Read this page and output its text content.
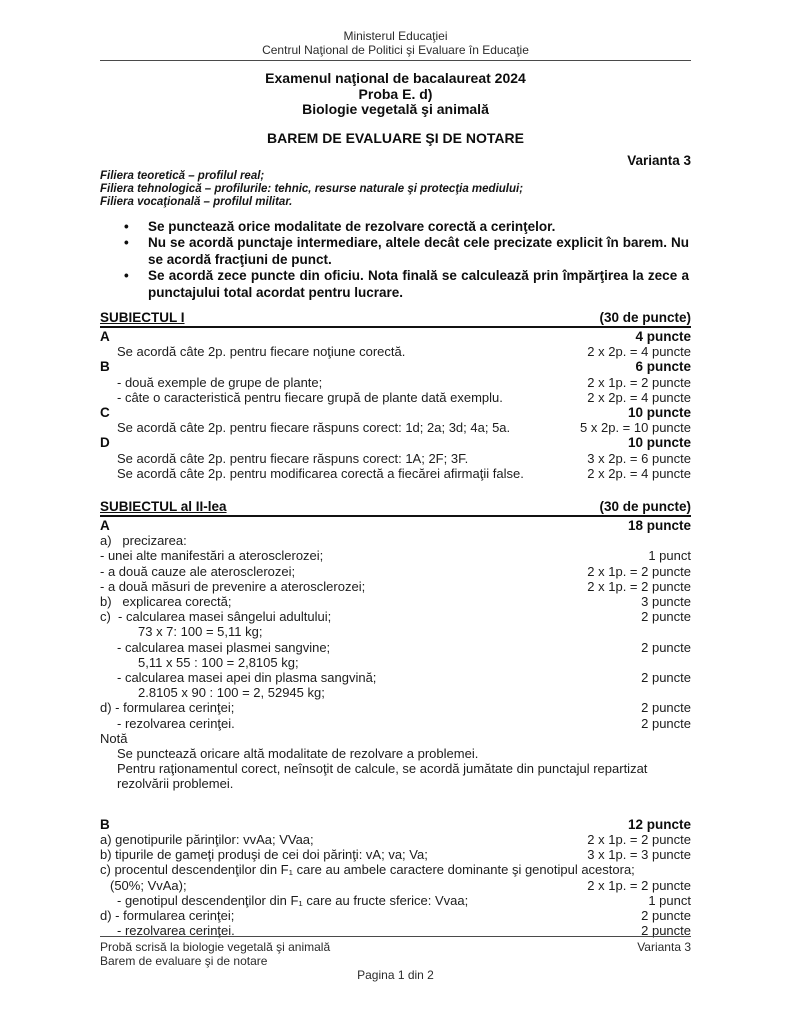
Ministerul Educaţiei
Centrul Naţional de Politici şi Evaluare în Educaţie
Examenul naţional de bacalaureat 2024
Proba E. d)
Biologie vegetală şi animală
BAREM DE EVALUARE ŞI DE NOTARE
Varianta 3
Filiera teoretică – profilul real;
Filiera tehnologică – profilurile: tehnic, resurse naturale şi protecţia mediului;
Filiera vocaţională – profilul militar.
•	Se punctează orice modalitate de rezolvare corectă a cerinţelor.
•	Nu se acordă punctaje intermediare, altele decât cele precizate explicit în barem. Nu se acordă fracţiuni de punct.
•	Se acordă zece puncte din oficiu. Nota finală se calculează prin împărţirea la zece a punctajului total acordat pentru lucrare.
SUBIECTUL I	(30 de puncte)
A	4 puncte
Se acordă câte 2p. pentru fiecare noţiune corectă.	2 x 2p. = 4 puncte
B	6 puncte
- două exemple de grupe de plante;	2 x 1p. = 2 puncte
- câte o caracteristică pentru fiecare grupă de plante dată exemplu.	2 x 2p. = 4 puncte
C	10 puncte
Se acordă câte 2p. pentru fiecare răspuns corect: 1d; 2a; 3d; 4a; 5a.	5 x 2p. = 10 puncte
D	10 puncte
Se acordă câte 2p. pentru fiecare răspuns corect: 1A; 2F; 3F.	3 x 2p. = 6 puncte
Se acordă câte 2p. pentru modificarea corectă a fiecărei afirmaţii false.	2 x 2p. = 4 puncte
SUBIECTUL al II-lea	(30 de puncte)
A	18 puncte
a)   precizarea:
- unei alte manifestări a aterosclerozei;	1 punct
- a două cauze ale aterosclerozei;	2 x 1p. = 2 puncte
- a două măsuri de prevenire a aterosclerozei;	2 x 1p. = 2 puncte
b)   explicarea corectă;	3 puncte
c)  - calcularea masei sângelui adultului;	2 puncte
73 x 7: 100 = 5,11 kg;
- calcularea masei plasmei sangvine;	2 puncte
5,11 x 55 : 100 = 2,8105 kg;
- calcularea masei apei din plasma sangvină;	2 puncte
2.8105 x 90 : 100 = 2, 52945 kg;
d) - formularea cerinţei;	2 puncte
- rezolvarea cerinţei.	2 puncte
Notă
Se punctează oricare altă modalitate de rezolvare a problemei.
Pentru raţionamentul corect, neînsoţit de calcule, se acordă jumătate din punctajul repartizat rezolvării problemei.
B	12 puncte
a) genotipurile părinţilor: vvAa; VVaa;	2 x 1p. = 2 puncte
b) tipurile de gameţi produşi de cei doi părinţi: vA; va; Va;	3 x 1p. = 3 puncte
c) procentul descendenţilor din F₁ care au ambele caractere dominante şi genotipul acestora;
(50%; VvAa);	2 x 1p. = 2 puncte
- genotipul descendenţilor din F₁ care au fructe sferice: Vvaa;	1 punct
d) - formularea cerinţei;	2 puncte
- rezolvarea cerinţei.	2 puncte
Probă scrisă la biologie vegetală şi animală
Barem de evaluare şi de notare
Varianta 3
Pagina 1 din 2
